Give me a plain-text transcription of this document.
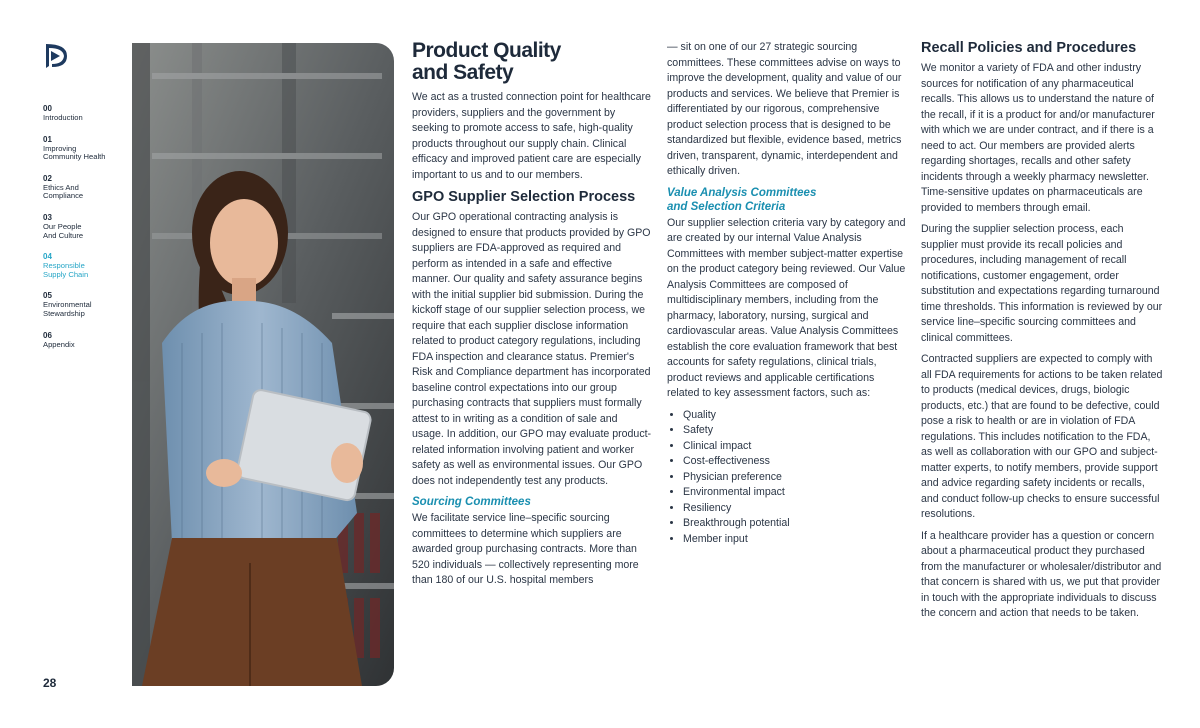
00
Introduction
01
Improving
Community Health
02
Ethics And
Compliance
03
Our People
And Culture
04
Responsible
Supply Chain
05
Environmental
Stewardship
06
Appendix
28
Product Quality
and Safety

We act as a trusted connection point for healthcare providers, suppliers and the government by seeking to promote access to safe, high-quality products throughout our supply chain. Clinical efficacy and improved patient care are especially important to us and to our members.

GPO Supplier Selection Process

Our GPO operational contracting analysis is designed to ensure that products provided by GPO suppliers are FDA-approved as required and perform as intended in a safe and effective manner. Our quality and safety assurance begins with the initial supplier bid submission. During the kickoff stage of our supplier selection process, we require that each supplier disclose information related to product category regulations, including FDA inspection and clearance status. Premier's Risk and Compliance department has incorporated baseline control expectations into our group purchasing contracts that suppliers must formally attest to in writing as a condition of sale and usage. In addition, our GPO may evaluate product-related information involving patient and worker safety as well as environmental issues. Our GPO does not independently test any products.

Sourcing Committees

We facilitate service line–specific sourcing committees to determine which suppliers are awarded group purchasing contracts. More than 520 individuals — collectively representing more than 180 of our U.S. hospital members

— sit on one of our 27 strategic sourcing committees. These committees advise on ways to improve the development, quality and value of our products and services. We believe that Premier is differentiated by our rigorous, comprehensive product selection process that is designed to be standardized but flexible, evidence based, metrics driven, transparent, dynamic, interdependent and ethically driven.

Value Analysis Committees
and Selection Criteria

Our supplier selection criteria vary by category and are created by our internal Value Analysis Committees with member subject-matter expertise on the product category being reviewed. Our Value Analysis Committees are composed of multidisciplinary members, including from the pharmacy, laboratory, nursing, surgical and cardiovascular areas. Value Analysis Committees establish the core evaluation framework that best accounts for safety regulations, clinical trials, product reviews and applicable certifications related to key assessment factors, such as:

• Quality
• Safety
• Clinical impact
• Cost-effectiveness
• Physician preference
• Environmental impact
• Resiliency
• Breakthrough potential
• Member input
Recall Policies and Procedures

We monitor a variety of FDA and other industry sources for notification of any pharmaceutical recalls. This allows us to understand the nature of the recall, if it is a product for and/or manufacturer with which we are under contract, and if there is a need to act. Our members are provided alerts regarding shortages, recalls and other safety incidents through a weekly pharmacy newsletter. Time-sensitive updates on pharmaceuticals are provided to members through email.

During the supplier selection process, each supplier must provide its recall policies and procedures, including management of recall notifications, customer engagement, order substitution and expectations regarding turnaround time thresholds. This information is reviewed by our service line–specific sourcing committees and clinical committees.

Contracted suppliers are expected to comply with all FDA requirements for actions to be taken related to products (medical devices, drugs, biologic products, etc.) that are found to be defective, could pose a risk to health or are in violation of FDA regulations. This includes notification to the FDA, as well as collaboration with our GPO and subject-matter experts, to notify members, provide support and advice regarding safety incidents or recalls, and conduct follow-up checks to ensure successful resolutions.

If a healthcare provider has a question or concern about a pharmaceutical product they purchased from the manufacturer or wholesaler/distributor and that concern is shared with us, we put that provider in touch with the appropriate individuals to discuss the concern and action that needs to be taken.
